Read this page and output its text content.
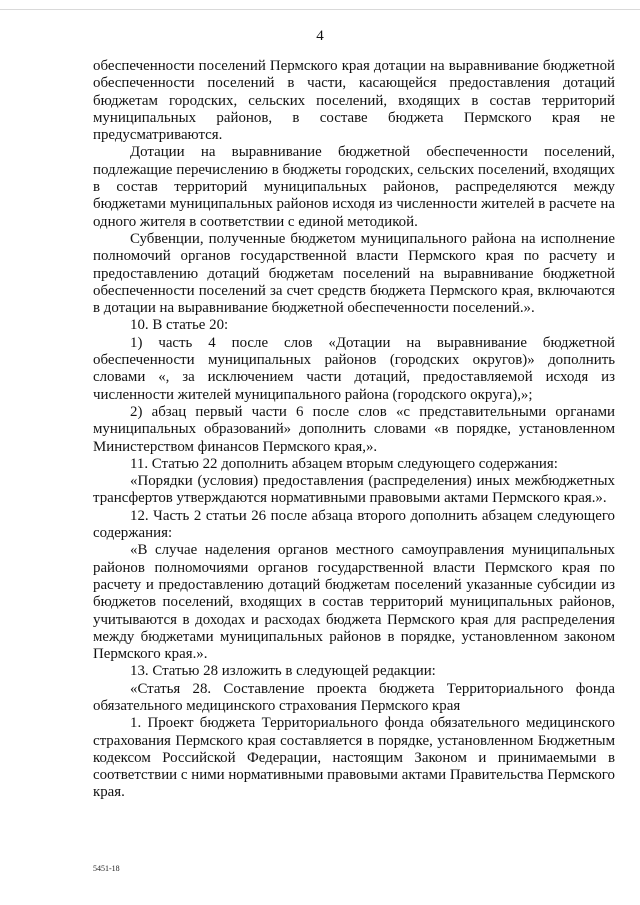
4

обеспеченности поселений Пермского края дотации на выравнивание бюджетной обеспеченности поселений в части, касающейся предоставления дотаций бюджетам городских, сельских поселений, входящих в состав территорий муниципальных районов, в составе бюджета Пермского края не предусматриваются.

Дотации на выравнивание бюджетной обеспеченности поселений, подлежащие перечислению в бюджеты городских, сельских поселений, входящих в состав территорий муниципальных районов, распределяются между бюджетами муниципальных районов исходя из численности жителей в расчете на одного жителя в соответствии с единой методикой.

Субвенции, полученные бюджетом муниципального района на исполнение полномочий органов государственной власти Пермского края по расчету и предоставлению дотаций бюджетам поселений на выравнивание бюджетной обеспеченности поселений за счет средств бюджета Пермского края, включаются в дотации на выравнивание бюджетной обеспеченности поселений.».

10. В статье 20:

1) часть 4 после слов «Дотации на выравнивание бюджетной обеспеченности муниципальных районов (городских округов)» дополнить словами «, за исключением части дотаций, предоставляемой исходя из численности жителей муниципального района (городского округа),»;

2) абзац первый части 6 после слов «с представительными органами муниципальных образований» дополнить словами «в порядке, установленном Министерством финансов Пермского края,».

11. Статью 22 дополнить абзацем вторым следующего содержания:

«Порядки (условия) предоставления (распределения) иных межбюджетных трансфертов утверждаются нормативными правовыми актами Пермского края.».

12. Часть 2 статьи 26 после абзаца второго дополнить абзацем следующего содержания:

«В случае наделения органов местного самоуправления муниципальных районов полномочиями органов государственной власти Пермского края по расчету и предоставлению дотаций бюджетам поселений указанные субсидии из бюджетов поселений, входящих в состав территорий муниципальных районов, учитываются в доходах и расходах бюджета Пермского края для распределения между бюджетами муниципальных районов в порядке, установленном законом Пермского края.».

13. Статью 28 изложить в следующей редакции:

«Статья 28. Составление проекта бюджета Территориального фонда обязательного медицинского страхования Пермского края

1. Проект бюджета Территориального фонда обязательного медицинского страхования Пермского края составляется в порядке, установленном Бюджетным кодексом Российской Федерации, настоящим Законом и принимаемыми в соответствии с ними нормативными правовыми актами Правительства Пермского края.

5451-18
